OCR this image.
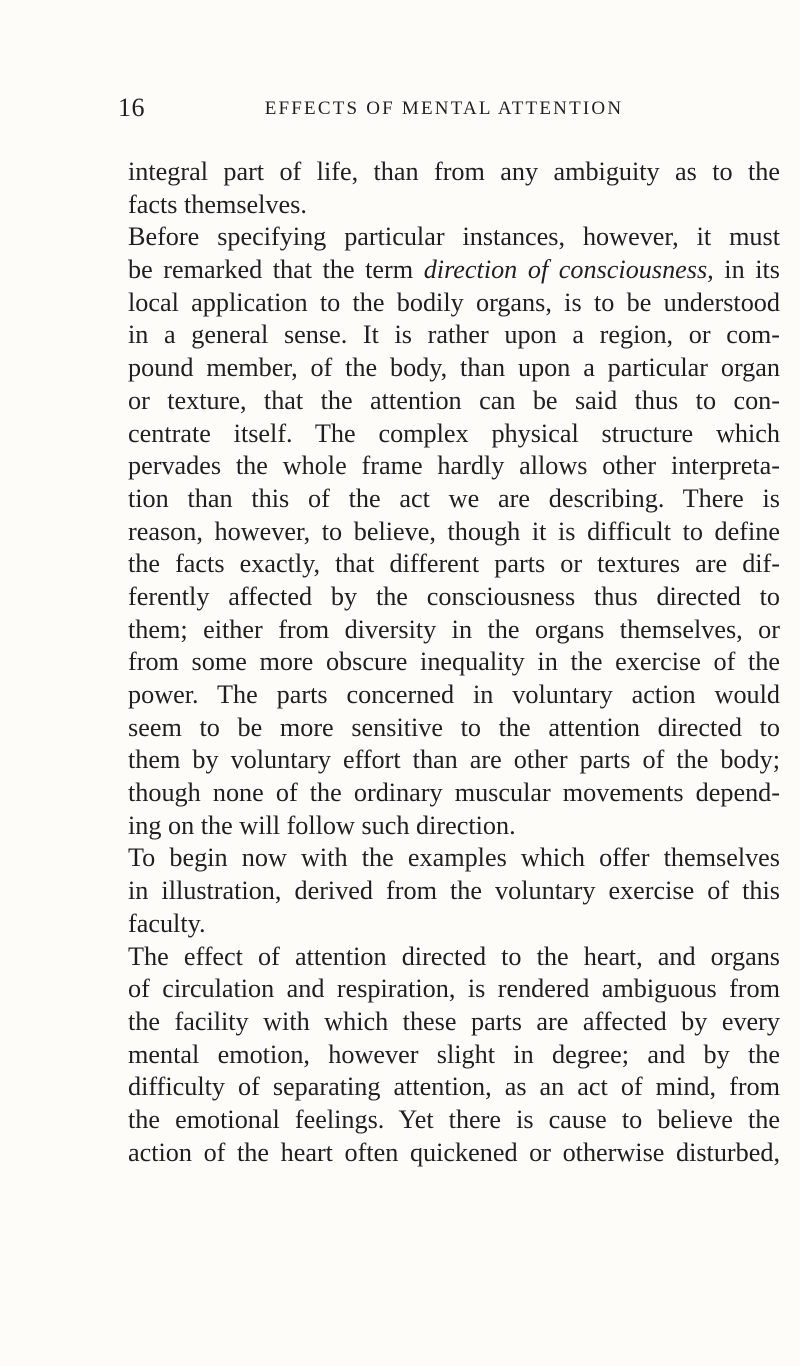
16	EFFECTS OF MENTAL ATTENTION
integral part of life, than from any ambiguity as to the
facts themselves.
Before specifying particular instances, however, it must
be remarked that the term direction of consciousness, in its
local application to the bodily organs, is to be understood
in a general sense. It is rather upon a region, or com-
pound member, of the body, than upon a particular organ
or texture, that the attention can be said thus to con-
centrate itself. The complex physical structure which
pervades the whole frame hardly allows other interpreta-
tion than this of the act we are describing. There is
reason, however, to believe, though it is difficult to define
the facts exactly, that different parts or textures are dif-
ferently affected by the consciousness thus directed to
them; either from diversity in the organs themselves, or
from some more obscure inequality in the exercise of the
power. The parts concerned in voluntary action would
seem to be more sensitive to the attention directed to
them by voluntary effort than are other parts of the body;
though none of the ordinary muscular movements depend-
ing on the will follow such direction.
To begin now with the examples which offer themselves
in illustration, derived from the voluntary exercise of this
faculty.
The effect of attention directed to the heart, and organs
of circulation and respiration, is rendered ambiguous from
the facility with which these parts are affected by every
mental emotion, however slight in degree; and by the
difficulty of separating attention, as an act of mind, from
the emotional feelings. Yet there is cause to believe the
action of the heart often quickened or otherwise disturbed,
